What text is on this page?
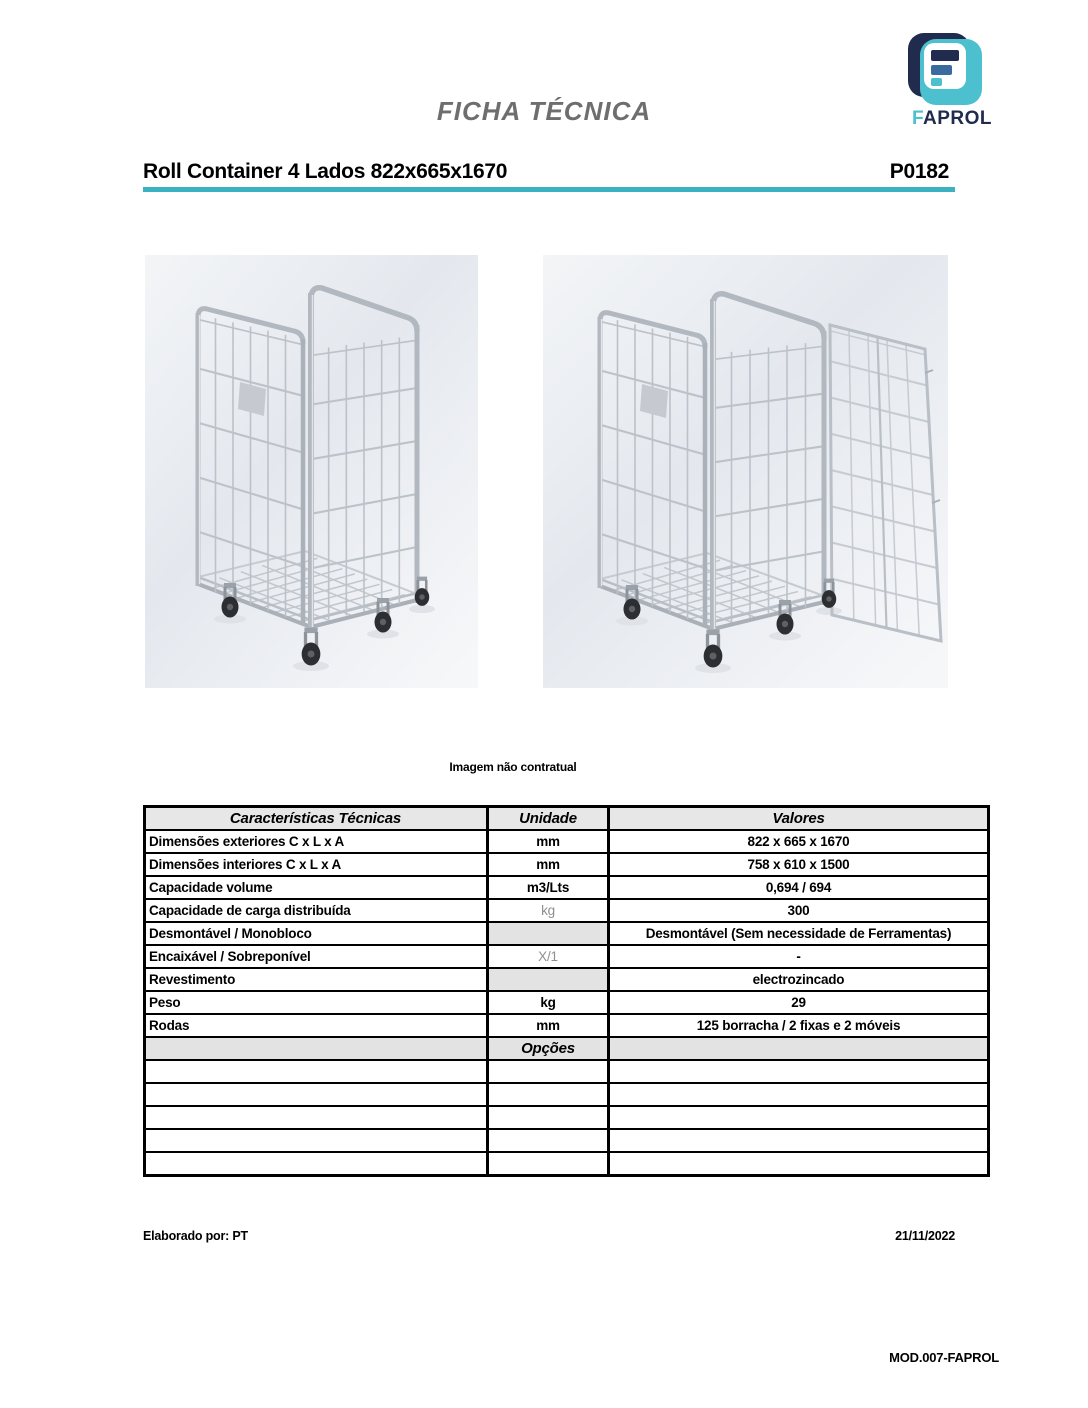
FAPROL
FICHA TÉCNICA
Roll Container 4 Lados 822x665x1670	P0182
Imagem não contratual
Características Técnicas	Unidade	Valores
Dimensões exteriores C x L x A	mm	822 x 665 x 1670
Dimensões interiores C x L x A	mm	758 x 610 x 1500
Capacidade volume	m3/Lts	0,694 / 694
Capacidade de carga distribuída	kg	300
Desmontável / Monobloco		Desmontável (Sem necessidade de Ferramentas)
Encaixável / Sobreponível	X/1	-
Revestimento		electrozincado
Peso	kg	29
Rodas	mm	125 borracha / 2 fixas e 2 móveis
	Opções	

Elaborado por: PT	21/11/2022
MOD.007-FAPROL
